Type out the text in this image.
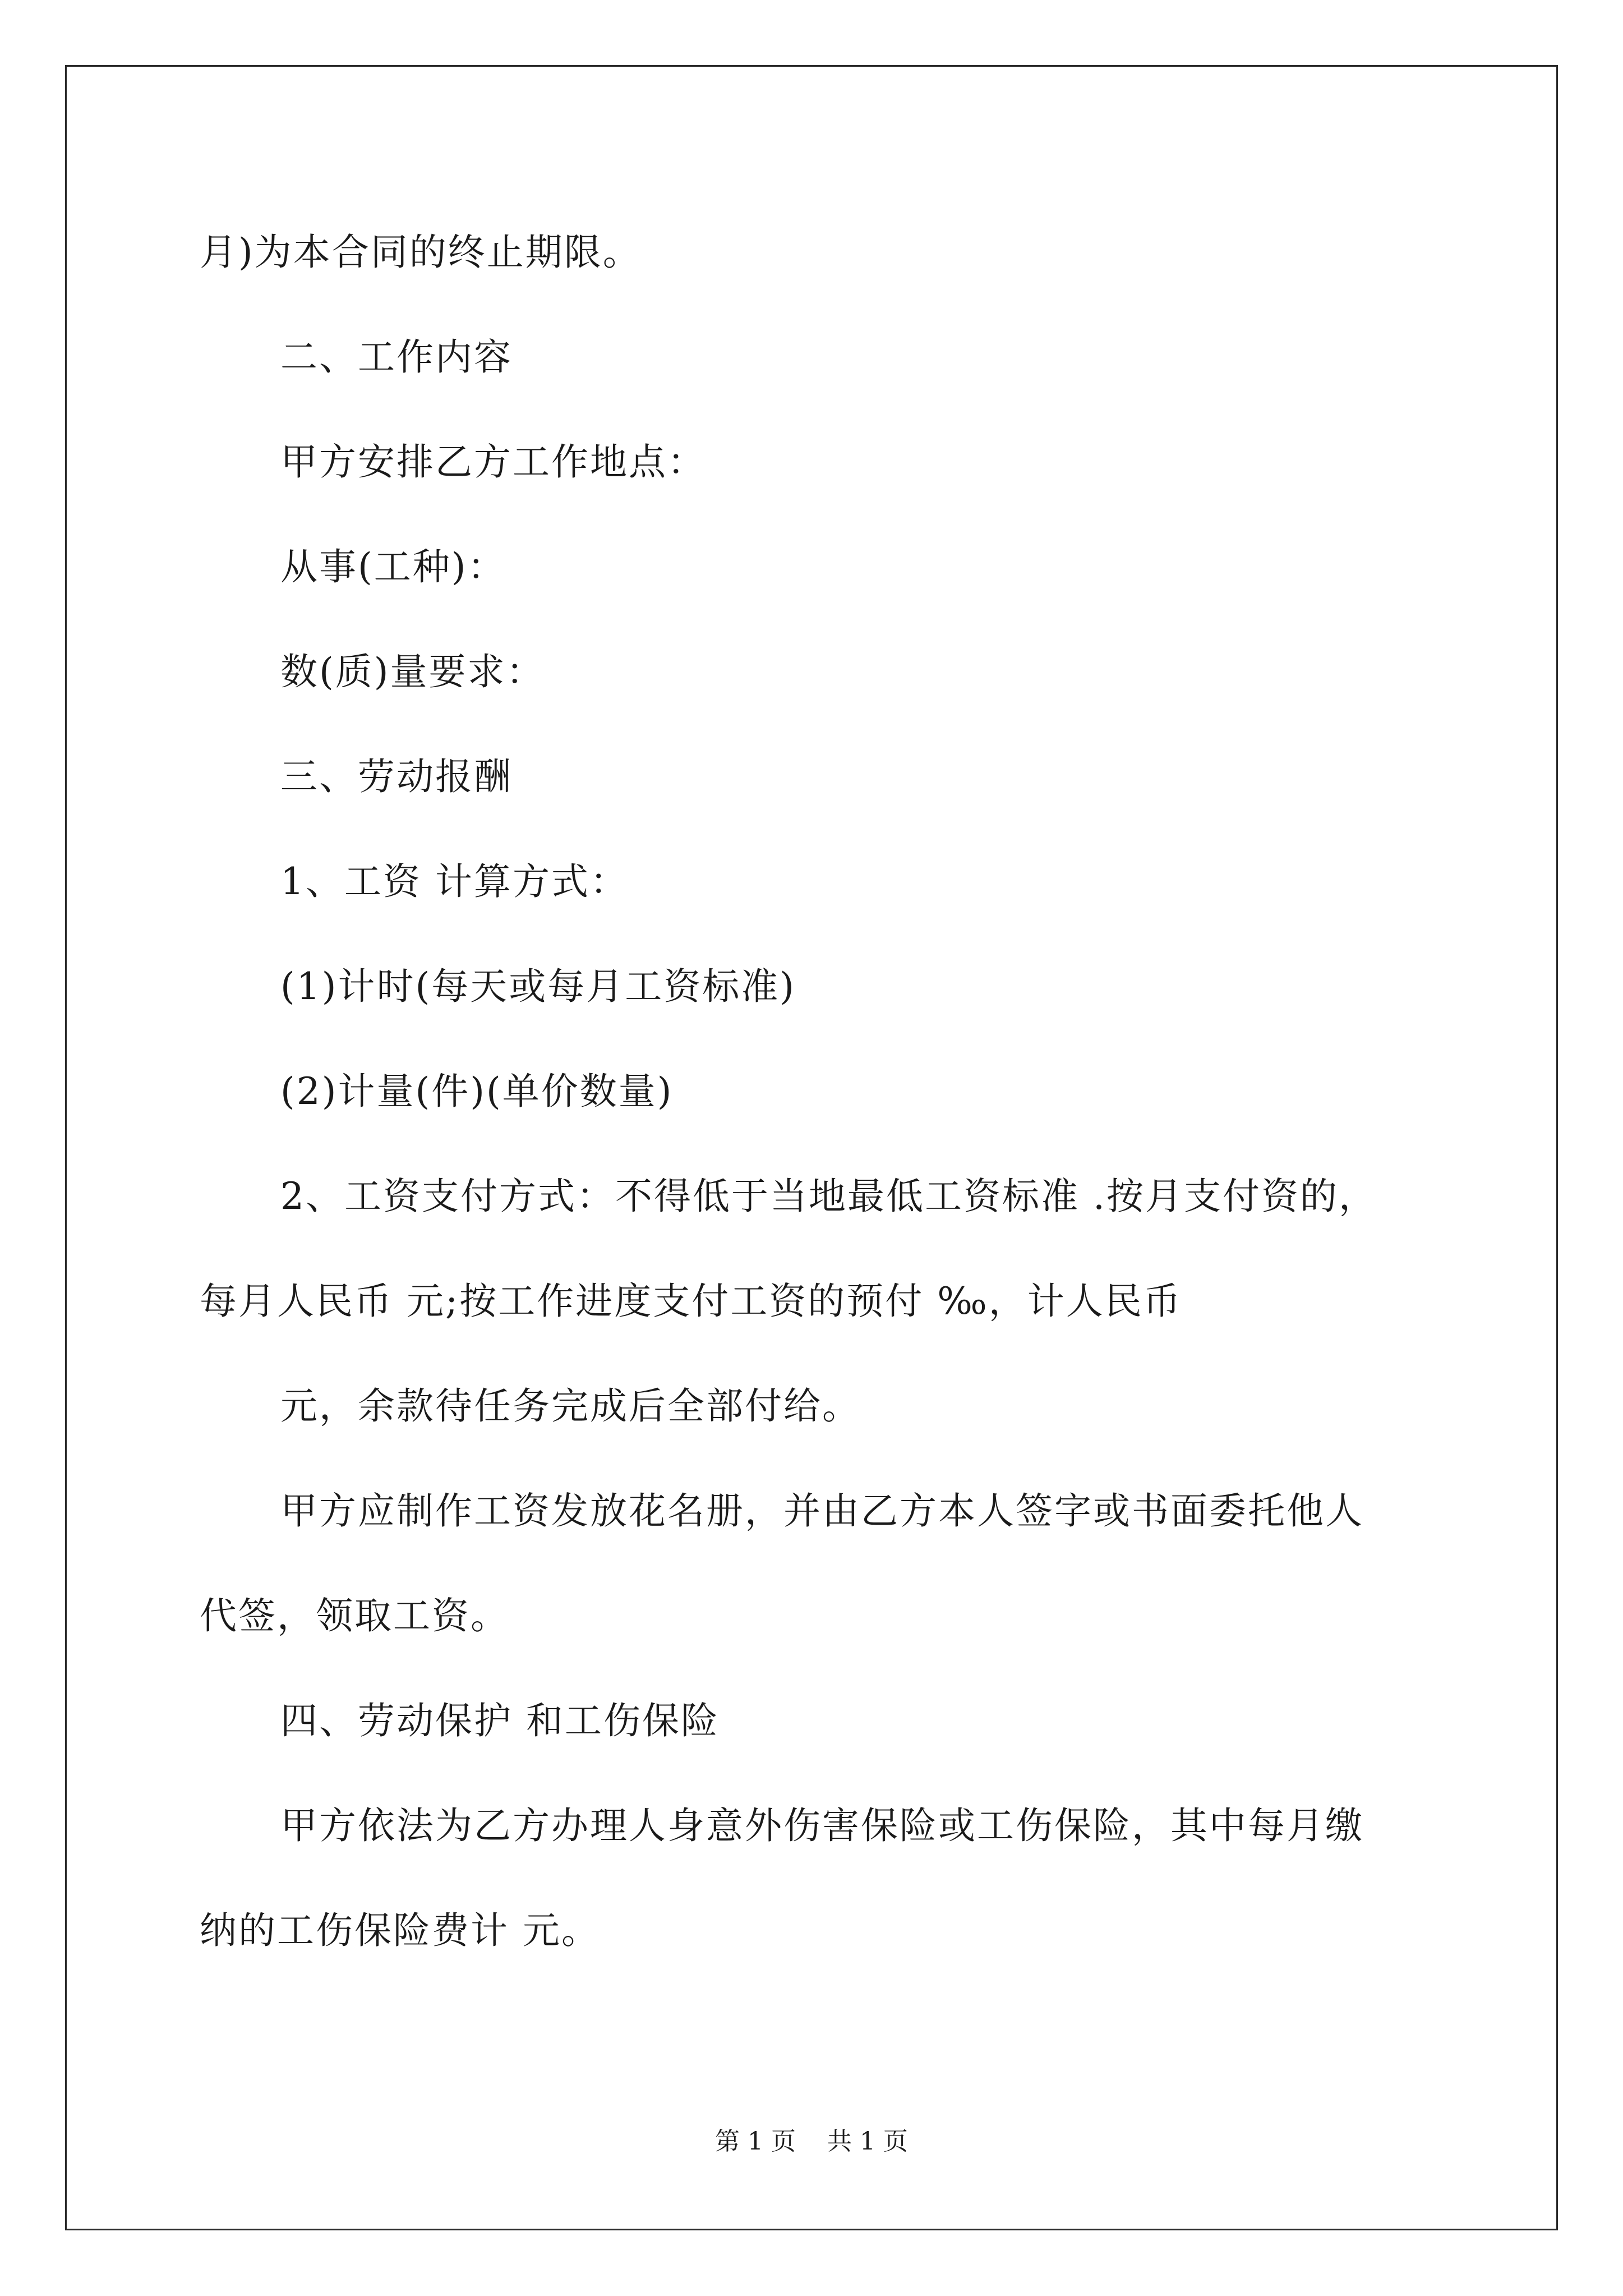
月)为本合同的终止期限。
二、工作内容
甲方安排乙方工作地点：
从事(工种)：
数(质)量要求：
三、劳动报酬
1、工资 计算方式：
(1)计时(每天或每月工资标准)
(2)计量(件)(单价数量)
2、工资支付方式：不得低于当地最低工资标准 .按月支付资的，
每月人民币 元;按工作进度支付工资的预付 ‰，计人民币
元，余款待任务完成后全部付给。
甲方应制作工资发放花名册，并由乙方本人签字或书面委托他人
代签，领取工资。
四、劳动保护 和工伤保险
甲方依法为乙方办理人身意外伤害保险或工伤保险，其中每月缴
纳的工伤保险费计 元。
第 1 页    共 1 页
